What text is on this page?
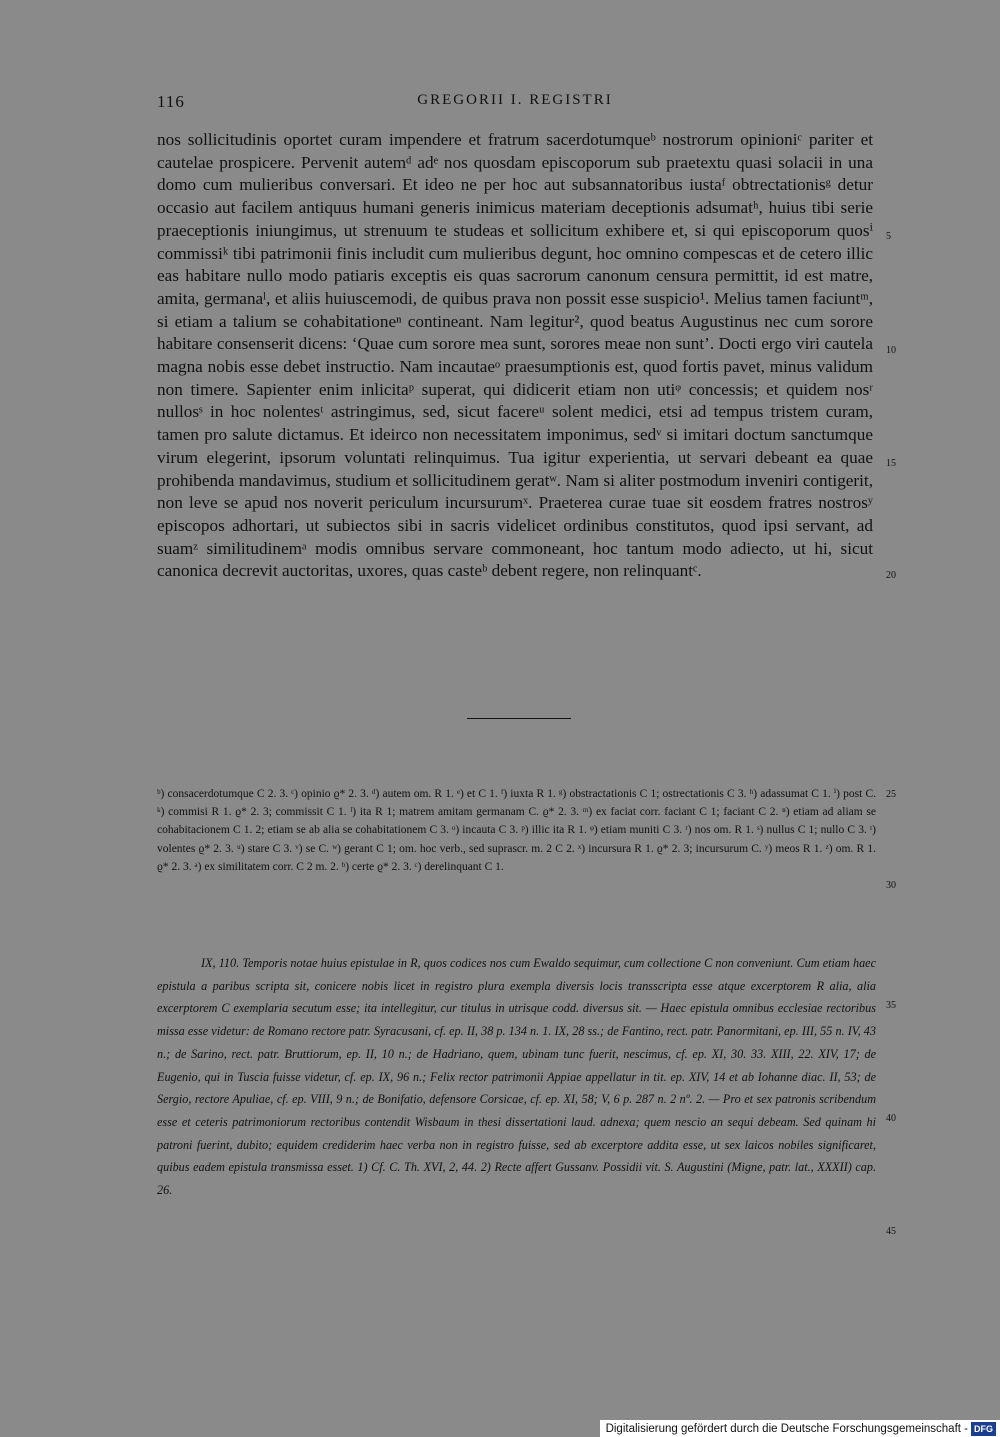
116	GREGORII I. REGISTRI

nos sollicitudinis oportet curam impendere et fratrum sacerdotumqueᵇ nostrorum opinioniᶜ pariter et cautelae prospicere. Pervenit autemᵈ adᵉ nos quosdam episcoporum sub praetextu quasi solacii in una domo cum mulieribus conversari. Et ideo ne per hoc aut subsannatoribus iustaᶠ obtrectationisᵍ detur occasio aut facilem antiquus humani generis inimicus materiam deceptionis adsumatʰ, huius tibi serie praeceptionis iniungimus, ut strenuum te studeas et sollicitum exhibere et, si qui episcoporum quosⁱ commissiᵏ tibi patrimonii finis includit cum mulieribus degunt, hoc omnino compescas et de cetero illic eas habitare nullo modo patiaris exceptis eis quas sacrorum canonum censura permittit, id est matre, amita, germanaˡ, et aliis huiuscemodi, de quibus prava non possit esse suspicio¹. Melius tamen faciuntᵐ, si etiam a talium se cohabitationeⁿ contineant. Nam legitur², quod beatus Augustinus nec cum sorore habitare consenserit dicens: ‘Quae cum sorore mea sunt, sorores meae non sunt’. Docti ergo viri cautela magna nobis esse debet instructio. Nam incautaeᵒ praesumptionis est, quod fortis pavet, minus validum non timere. Sapienter enim inlicitaᵖ superat, qui didicerit etiam non utiᵠ concessis; et quidem nosʳ nullosˢ in hoc nolentesᵗ astringimus, sed, sicut facereᵘ solent medici, etsi ad tempus tristem curam, tamen pro salute dictamus. Et ideirco non necessitatem imponimus, sedᵛ si imitari doctum sanctumque virum elegerint, ipsorum voluntati relinquimus. Tua igitur experientia, ut servari debeant ea quae prohibenda mandavimus, studium et sollicitudinem geratʷ. Nam si aliter postmodum inveniri contigerit, non leve se apud nos noverit periculum incursurumˣ. Praeterea curae tuae sit eosdem fratres nostrosʸ episcopos adhortari, ut subiectos sibi in sacris videlicet ordinibus constitutos, quod ipsi servant, ad suamᶻ similitudinemᵃ modis omnibus servare commoneant, hoc tantum modo adiecto, ut hi, sicut canonica decrevit auctoritas, uxores, quas casteᵇ debent regere, non relinquantᶜ.

5
10
15
20
25
30
35
40
45

ᵇ) consacerdotumque C 2. 3. ᶜ) opinio ϱ* 2. 3. ᵈ) autem om. R 1. ᵉ) et C 1. ᶠ) iuxta R 1. ᵍ) obstractationis C 1; ostrectationis C 3. ʰ) adassumat C 1. ⁱ) post C. ᵏ) commisi R 1. ϱ* 2. 3; commissit C 1. ˡ) ita R 1; matrem amitam germanam C. ϱ* 2. 3. ᵐ) ex faciat corr. faciant C 1; faciant C 2. ⁿ) etiam ad aliam se cohabitacionem C 1. 2; etiam se ab alia se cohabitationem C 3. ᵒ) incauta C 3. ᵖ) illic ita R 1. ᵠ) etiam muniti C 3. ʳ) nos om. R 1. ˢ) nullus C 1; nullo C 3. ᵗ) volentes ϱ* 2. 3. ᵘ) stare C 3. ᵛ) se C. ʷ) gerant C 1; om. hoc verb., sed suprascr. m. 2 C 2. ˣ) incursura R 1. ϱ* 2. 3; incursurum C. ʸ) meos R 1. ᶻ) om. R 1. ϱ* 2. 3. ᵃ) ex similitatem corr. C 2 m. 2. ᵇ) certe ϱ* 2. 3. ᶜ) derelinquant C 1.

IX, 110. Temporis notae huius epistulae in R, quos codices nos cum Ewaldo sequimur, cum collectione C non conveniunt. Cum etiam haec epistula a paribus scripta sit, conicere nobis licet in registro plura exempla diversis locis transscripta esse atque excerptorem R alia, alia excerptorem C exemplaria secutum esse; ita intellegitur, cur titulus in utrisque codd. diversus sit. — Haec epistula omnibus ecclesiae rectoribus missa esse videtur: de Romano rectore patr. Syracusani, cf. ep. II, 38 p. 134 n. 1. IX, 28 ss.; de Fantino, rect. patr. Panormitani, ep. III, 55 n. IV, 43 n.; de Sarino, rect. patr. Bruttiorum, ep. II, 10 n.; de Hadriano, quem, ubinam tunc fuerit, nescimus, cf. ep. XI, 30. 33. XIII, 22. XIV, 17; de Eugenio, qui in Tuscia fuisse videtur, cf. ep. IX, 96 n.; Felix rector patrimonii Appiae appellatur in tit. ep. XIV, 14 et ab Iohanne diac. II, 53; de Sergio, rectore Apuliae, cf. ep. VIII, 9 n.; de Bonifatio, defensore Corsicae, cf. ep. XI, 58; V, 6 p. 287 n. 2 nº. 2. — Pro et sex patronis scribendum esse et ceteris patrimoniorum rectoribus contendit Wisbaum in thesi dissertationi laud. adnexa; quem nescio an sequi debeam. Sed quinam hi patroni fuerint, dubito; equidem crediderim haec verba non in registro fuisse, sed ab excerptore addita esse, ut sex laicos nobiles significaret, quibus eadem epistula transmissa esset. 1) Cf. C. Th. XVI, 2, 44. 2) Recte affert Gussanv. Possidii vit. S. Augustini (Migne, patr. lat., XXXII) cap. 26.

Digitalisierung gefördert durch die Deutsche Forschungsgemeinschaft - DFG
